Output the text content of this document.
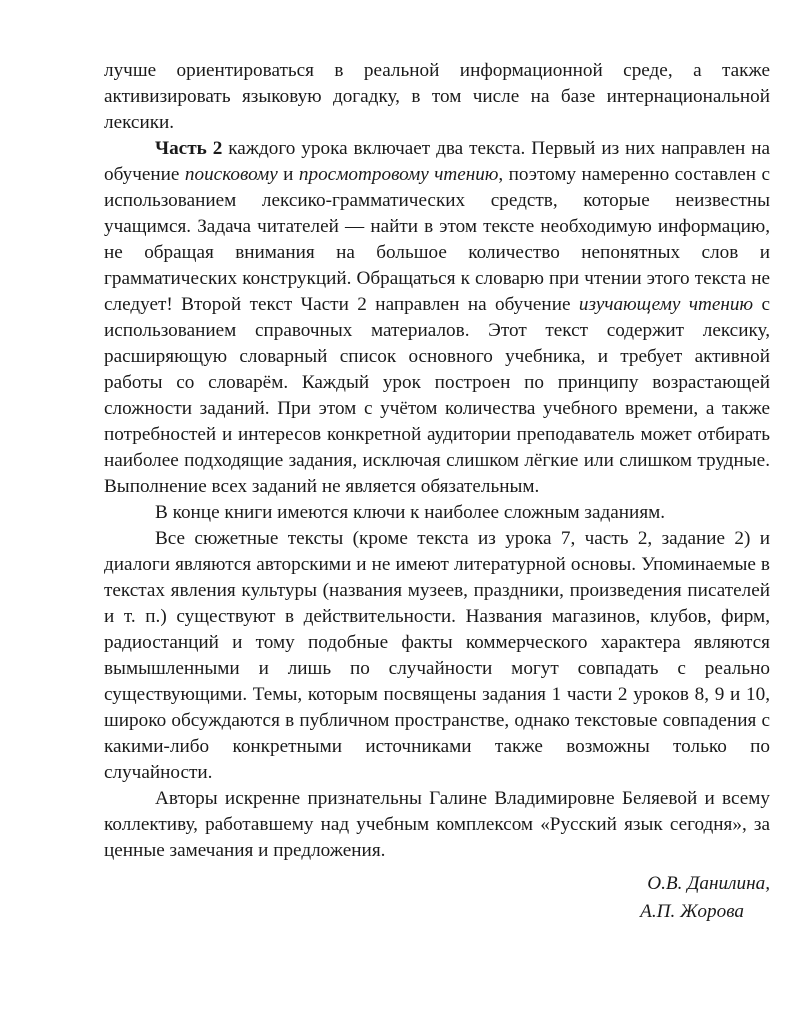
лучше ориентироваться в реальной информационной среде, а также активизировать языковую догадку, в том числе на базе интернациональной лексики.

Часть 2 каждого урока включает два текста. Первый из них направлен на обучение поисковому и просмотровому чтению, поэтому намеренно составлен с использованием лексико-грамматических средств, которые неизвестны учащимся. Задача читателей — найти в этом тексте необходимую информацию, не обращая внимания на большое количество непонятных слов и грамматических конструкций. Обращаться к словарю при чтении этого текста не следует! Второй текст Части 2 направлен на обучение изучающему чтению с использованием справочных материалов. Этот текст содержит лексику, расширяющую словарный список основного учебника, и требует активной работы со словарём. Каждый урок построен по принципу возрастающей сложности заданий. При этом с учётом количества учебного времени, а также потребностей и интересов конкретной аудитории преподаватель может отбирать наиболее подходящие задания, исключая слишком лёгкие или слишком трудные. Выполнение всех заданий не является обязательным.

В конце книги имеются ключи к наиболее сложным заданиям.

Все сюжетные тексты (кроме текста из урока 7, часть 2, задание 2) и диалоги являются авторскими и не имеют литературной основы. Упоминаемые в текстах явления культуры (названия музеев, праздники, произведения писателей и т. п.) существуют в действительности. Названия магазинов, клубов, фирм, радиостанций и тому подобные факты коммерческого характера являются вымышленными и лишь по случайности могут совпадать с реально существующими. Темы, которым посвящены задания 1 части 2 уроков 8, 9 и 10, широко обсуждаются в публичном пространстве, однако текстовые совпадения с какими-либо конкретными источниками также возможны только по случайности.

Авторы искренне признательны Галине Владимировне Беляевой и всему коллективу, работавшему над учебным комплексом «Русский язык сегодня», за ценные замечания и предложения.

О.В. Данилина,
А.П. Жорова
